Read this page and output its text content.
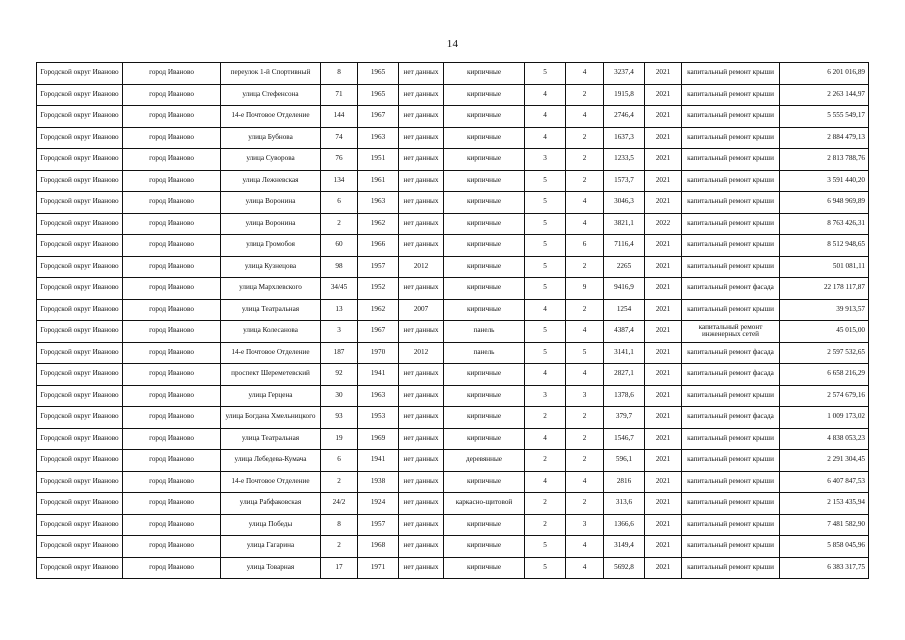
14
Городской округ Иваново	город Иваново	переулок 1-й Спортивный	8	1965	нет данных	кирпичные	5	4	3237,4	2021	капитальный ремонт крыши	6 201 016,89
Городской округ Иваново	город Иваново	улица Стефенсона	71	1965	нет данных	кирпичные	4	2	1915,8	2021	капитальный ремонт крыши	2 263 144,97
Городской округ Иваново	город Иваново	14-е Почтовое Отделение	144	1967	нет данных	кирпичные	4	4	2746,4	2021	капитальный ремонт крыши	5 555 549,17
Городской округ Иваново	город Иваново	улица Бубнова	74	1963	нет данных	кирпичные	4	2	1637,3	2021	капитальный ремонт крыши	2 884 479,13
Городской округ Иваново	город Иваново	улица Суворова	76	1951	нет данных	кирпичные	3	2	1233,5	2021	капитальный ремонт крыши	2 813 788,76
Городской округ Иваново	город Иваново	улица Лежневская	134	1961	нет данных	кирпичные	5	2	1573,7	2021	капитальный ремонт крыши	3 591 440,20
Городской округ Иваново	город Иваново	улица Воронина	6	1963	нет данных	кирпичные	5	4	3046,3	2021	капитальный ремонт крыши	6 948 969,89
Городской округ Иваново	город Иваново	улица Воронина	2	1962	нет данных	кирпичные	5	4	3821,1	2022	капитальный ремонт крыши	8 763 426,31
Городской округ Иваново	город Иваново	улица Громобоя	60	1966	нет данных	кирпичные	5	6	7116,4	2021	капитальный ремонт крыши	8 512 948,65
Городской округ Иваново	город Иваново	улица Кузнецова	98	1957	2012	кирпичные	5	2	2265	2021	капитальный ремонт крыши	501 081,11
Городской округ Иваново	город Иваново	улица Мархлевского	34/45	1952	нет данных	кирпичные	5	9	9416,9	2021	капитальный ремонт фасада	22 178 117,87
Городской округ Иваново	город Иваново	улица Театральная	13	1962	2007	кирпичные	4	2	1254	2021	капитальный ремонт крыши	39 913,57
Городской округ Иваново	город Иваново	улица Колесанова	3	1967	нет данных	панель	5	4	4387,4	2021	капитальный ремонт инженерных сетей	45 015,00
Городской округ Иваново	город Иваново	14-е Почтовое Отделение	187	1970	2012	панель	5	5	3141,1	2021	капитальный ремонт фасада	2 597 532,65
Городской округ Иваново	город Иваново	проспект Шереметевский	92	1941	нет данных	кирпичные	4	4	2827,1	2021	капитальный ремонт фасада	6 658 216,29
Городской округ Иваново	город Иваново	улица Герцена	30	1963	нет данных	кирпичные	3	3	1378,6	2021	капитальный ремонт крыши	2 574 679,16
Городской округ Иваново	город Иваново	улица Богдана Хмельницкого	93	1953	нет данных	кирпичные	2	2	379,7	2021	капитальный ремонт фасада	1 009 173,02
Городской округ Иваново	город Иваново	улица Театральная	19	1969	нет данных	кирпичные	4	2	1546,7	2021	капитальный ремонт крыши	4 838 053,23
Городской округ Иваново	город Иваново	улица Лебедева-Кумача	6	1941	нет данных	деревянные	2	2	596,1	2021	капитальный ремонт крыши	2 291 304,45
Городской округ Иваново	город Иваново	14-е Почтовое Отделение	2	1938	нет данных	кирпичные	4	4	2816	2021	капитальный ремонт крыши	6 407 847,53
Городской округ Иваново	город Иваново	улица Рабфаковская	24/2	1924	нет данных	каркасно-щитовой	2	2	313,6	2021	капитальный ремонт крыши	2 153 435,94
Городской округ Иваново	город Иваново	улица Победы	8	1957	нет данных	кирпичные	2	3	1366,6	2021	капитальный ремонт крыши	7 481 582,90
Городской округ Иваново	город Иваново	улица Гагарина	2	1968	нет данных	кирпичные	5	4	3149,4	2021	капитальный ремонт крыши	5 858 045,96
Городской округ Иваново	город Иваново	улица Товарная	17	1971	нет данных	кирпичные	5	4	5692,8	2021	капитальный ремонт крыши	6 383 317,75
